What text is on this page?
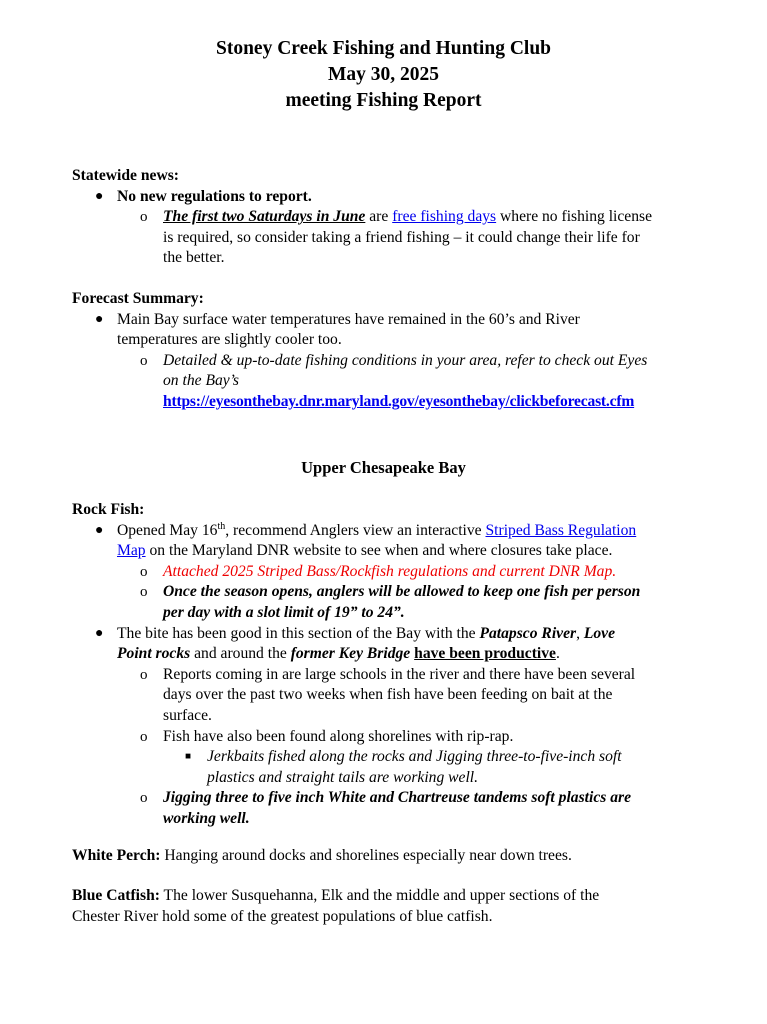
Stoney Creek Fishing and Hunting Club
May 30, 2025
meeting Fishing Report
Statewide news:
● No new regulations to report.
o The first two Saturdays in June are free fishing days where no fishing license
is required, so consider taking a friend fishing – it could change their life for
the better.
Forecast Summary:
● Main Bay surface water temperatures have remained in the 60’s and River
temperatures are slightly cooler too.
o Detailed & up-to-date fishing conditions in your area, refer to check out Eyes
on the Bay’s
https://eyesonthebay.dnr.maryland.gov/eyesonthebay/clickbeforecast.cfm
Upper Chesapeake Bay
Rock Fish:
● Opened May 16th, recommend Anglers view an interactive Striped Bass Regulation
Map on the Maryland DNR website to see when and where closures take place.
o Attached 2025 Striped Bass/Rockfish regulations and current DNR Map.
o Once the season opens, anglers will be allowed to keep one fish per person
per day with a slot limit of 19” to 24”.
● The bite has been good in this section of the Bay with the Patapsco River, Love
Point rocks and around the former Key Bridge have been productive.
o Reports coming in are large schools in the river and there have been several
days over the past two weeks when fish have been feeding on bait at the
surface.
o Fish have also been found along shorelines with rip-rap.
■ Jerkbaits fished along the rocks and Jigging three-to-five-inch soft
plastics and straight tails are working well.
o Jigging three to five inch White and Chartreuse tandems soft plastics are
working well.
White Perch: Hanging around docks and shorelines especially near down trees.
Blue Catfish: The lower Susquehanna, Elk and the middle and upper sections of the
Chester River hold some of the greatest populations of blue catfish.
